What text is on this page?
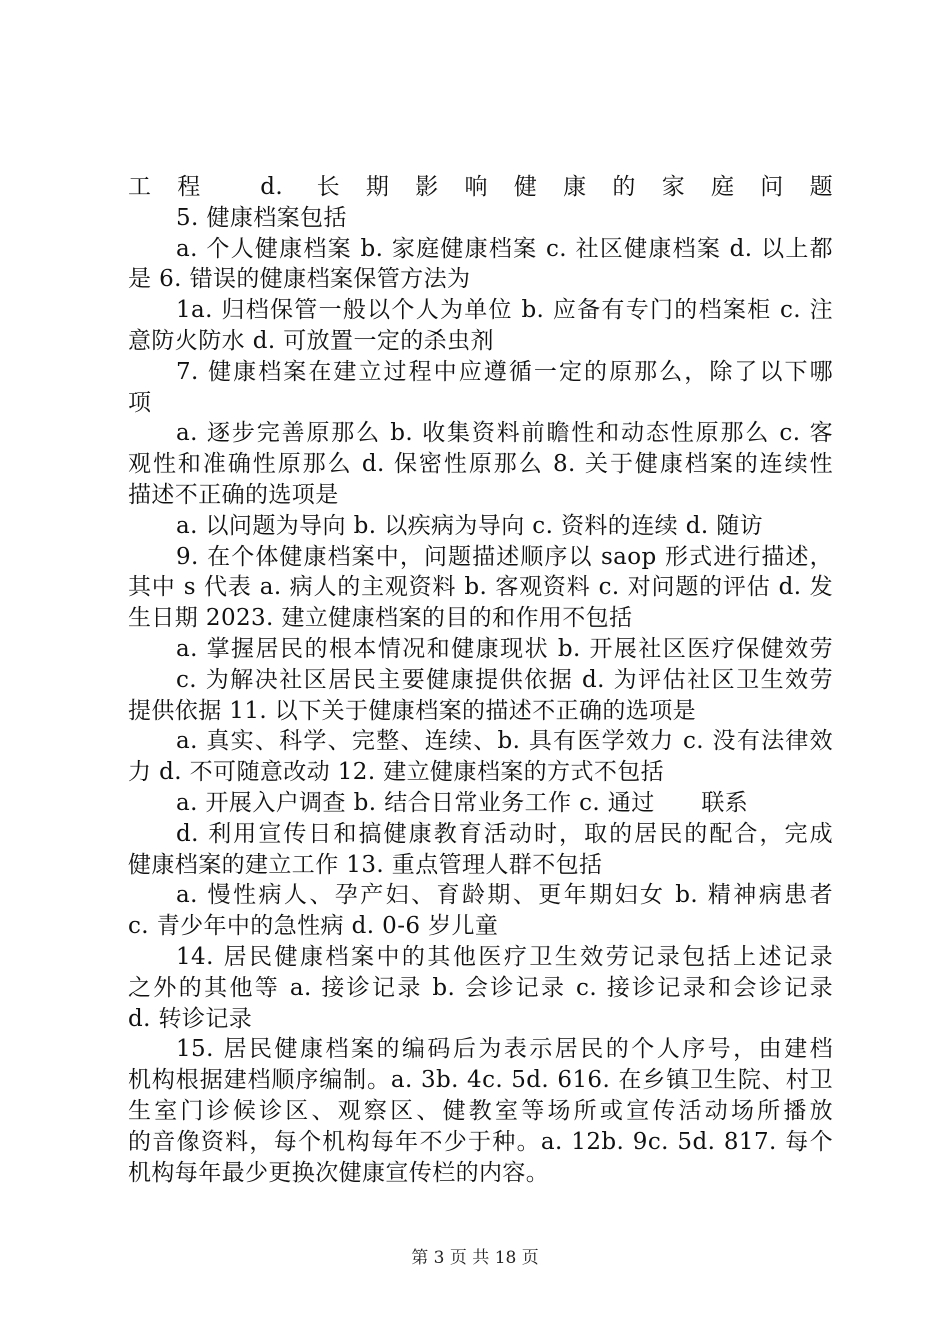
工程 d. 长期影响健康的家庭问题
5. 健康档案包括
a. 个人健康档案 b. 家庭健康档案 c. 社区健康档案 d. 以上都
是 6. 错误的健康档案保管方法为
1a. 归档保管一般以个人为单位 b. 应备有专门的档案柜 c. 注
意防火防水 d. 可放置一定的杀虫剂
7. 健康档案在建立过程中应遵循一定的原那么，除了以下哪
项
a. 逐步完善原那么 b. 收集资料前瞻性和动态性原那么 c. 客
观性和准确性原那么 d. 保密性原那么 8. 关于健康档案的连续性
描述不正确的选项是
a. 以问题为导向 b. 以疾病为导向 c. 资料的连续 d. 随访
9. 在个体健康档案中，问题描述顺序以 saop 形式进行描述，
其中 s 代表 a. 病人的主观资料 b. 客观资料 c. 对问题的评估 d. 发
生日期 2023. 建立健康档案的目的和作用不包括
a. 掌握居民的根本情况和健康现状 b. 开展社区医疗保健效劳
c. 为解决社区居民主要健康提供依据 d. 为评估社区卫生效劳
提供依据 11. 以下关于健康档案的描述不正确的选项是
a. 真实、科学、完整、连续、b. 具有医学效力 c. 没有法律效
力 d. 不可随意改动 12. 建立健康档案的方式不包括
a. 开展入户调查 b. 结合日常业务工作 c. 通过　　联系
d. 利用宣传日和搞健康教育活动时，取的居民的配合，完成
健康档案的建立工作 13. 重点管理人群不包括
a. 慢性病人、孕产妇、育龄期、更年期妇女 b. 精神病患者
c. 青少年中的急性病 d. 0-6 岁儿童
14. 居民健康档案中的其他医疗卫生效劳记录包括上述记录
之外的其他等 a. 接诊记录 b. 会诊记录 c. 接诊记录和会诊记录
d. 转诊记录
15. 居民健康档案的编码后为表示居民的个人序号，由建档
机构根据建档顺序编制。a. 3b. 4c. 5d. 616. 在乡镇卫生院、村卫
生室门诊候诊区、观察区、健教室等场所或宣传活动场所播放
的音像资料，每个机构每年不少于种。a. 12b. 9c. 5d. 817. 每个
机构每年最少更换次健康宣传栏的内容。
第 3 页 共 18 页
